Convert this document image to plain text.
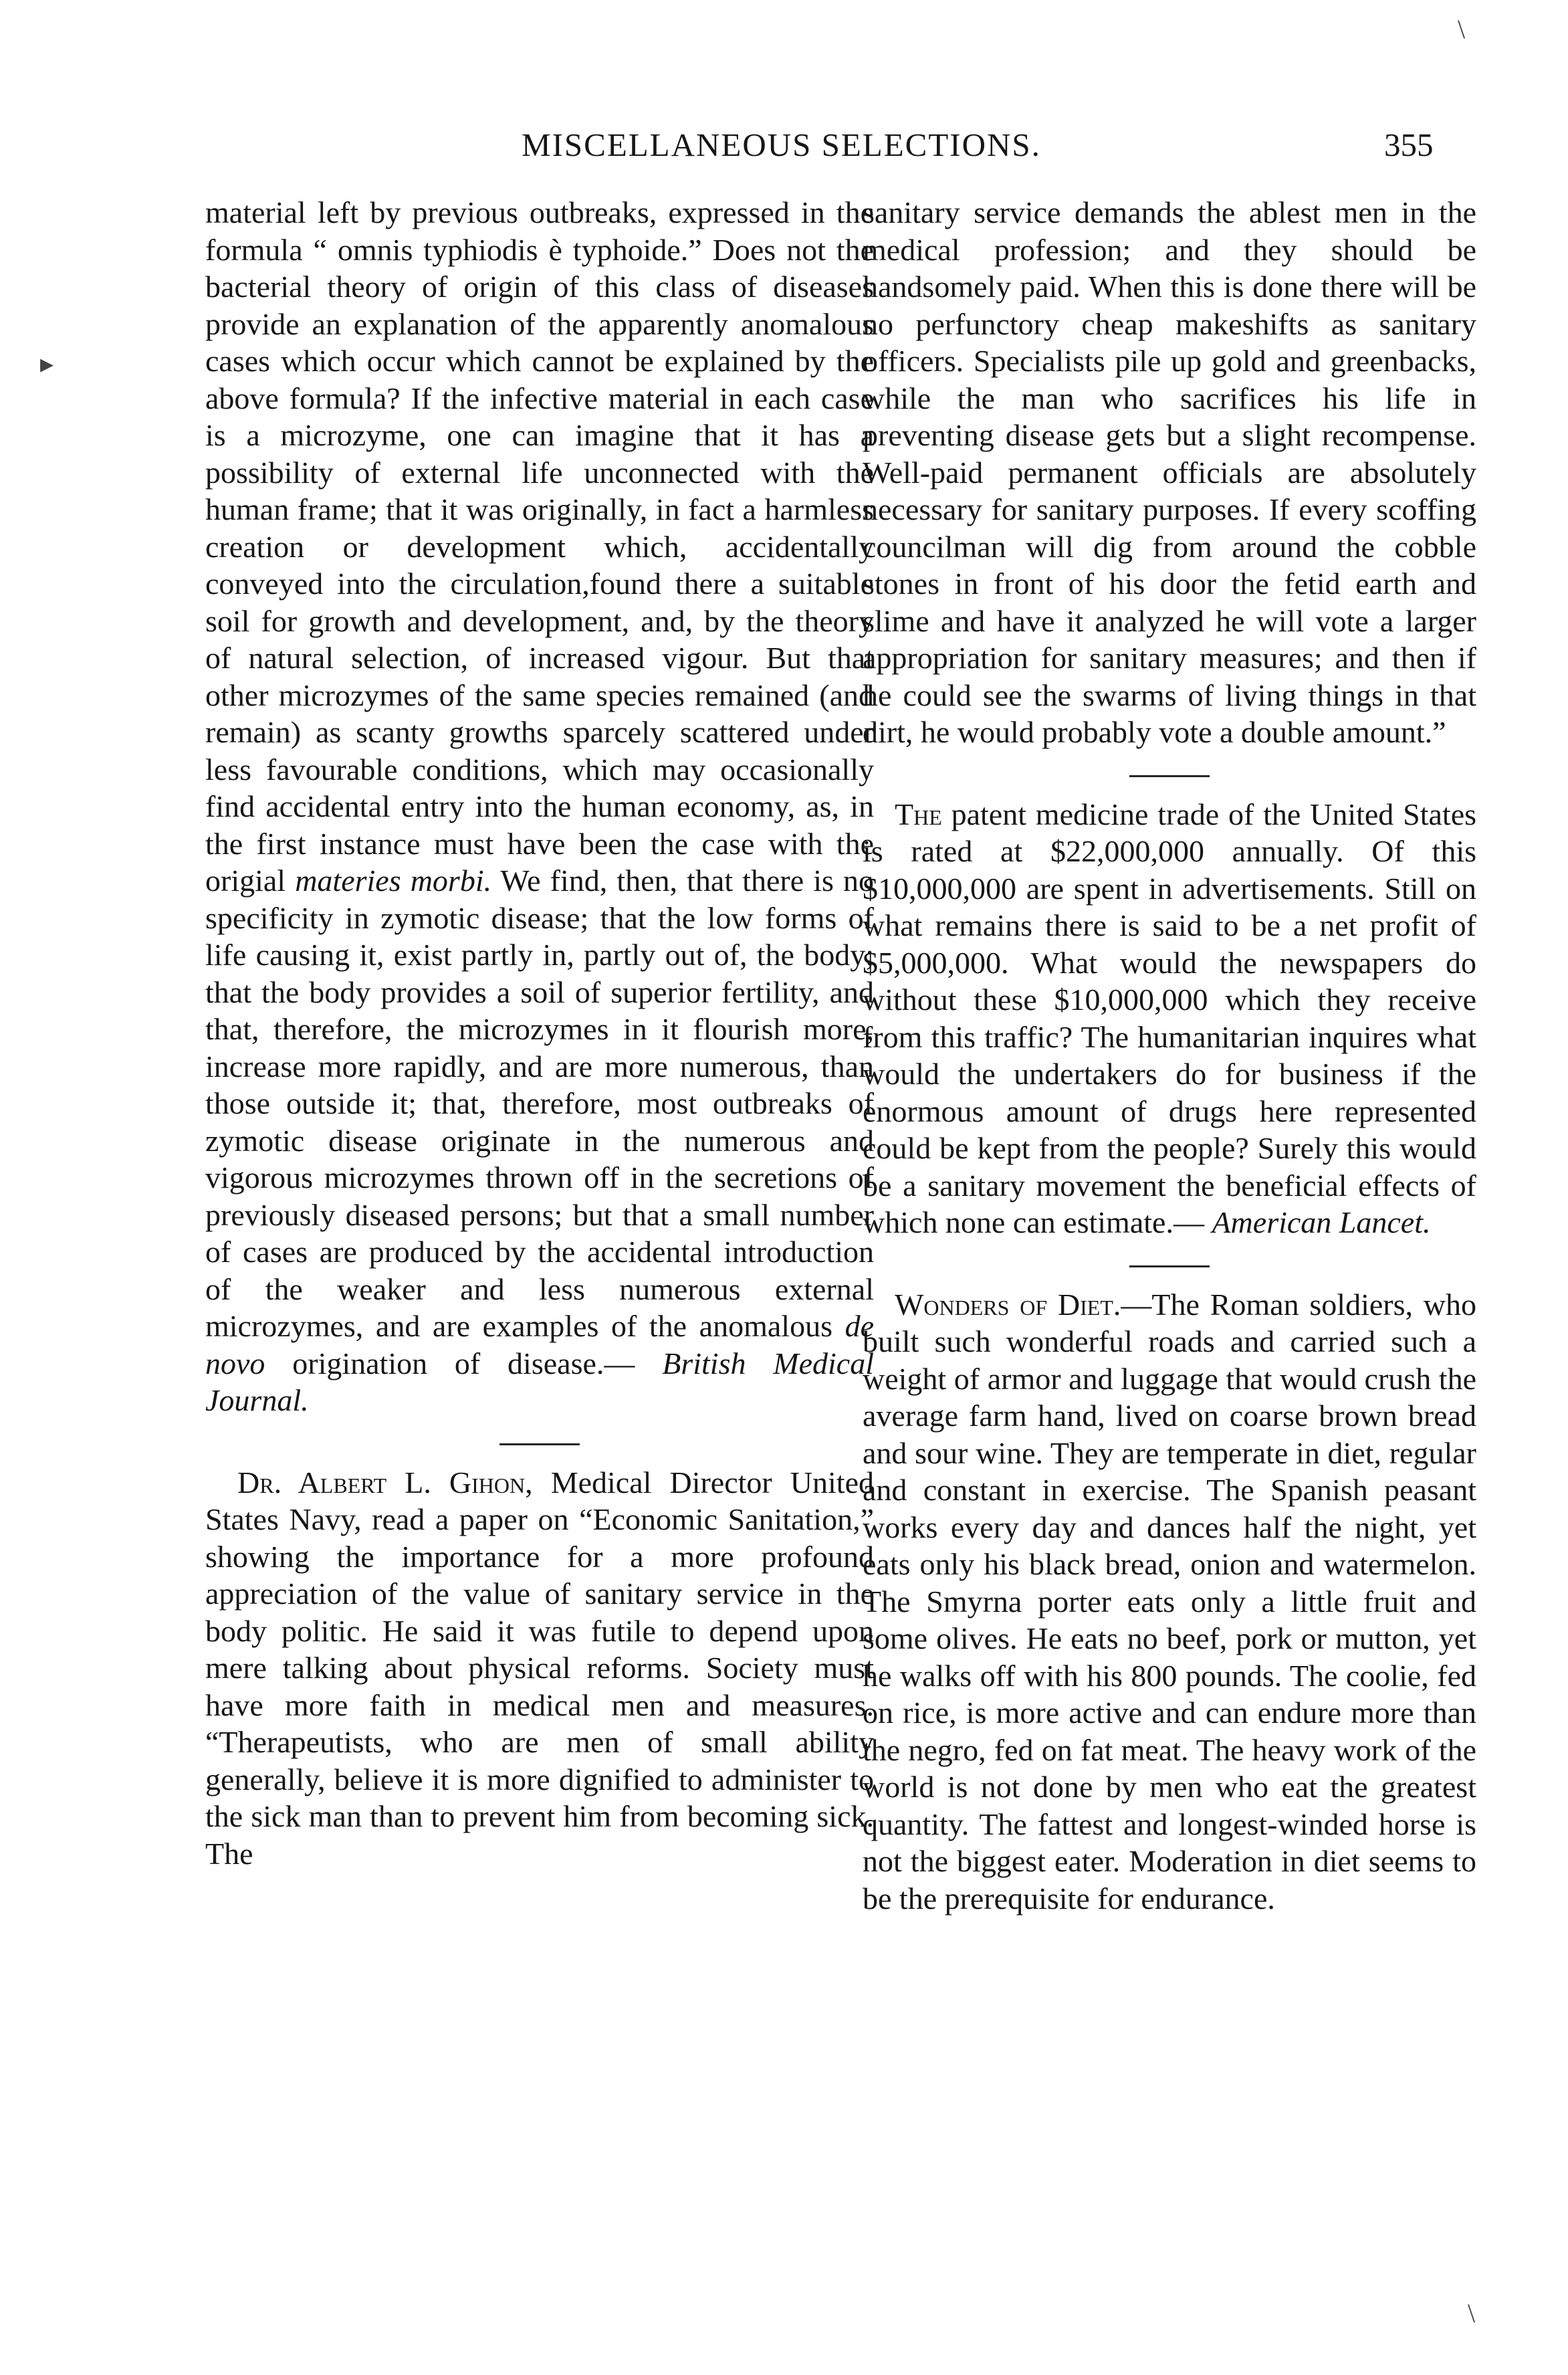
MISCELLANEOUS SELECTIONS.	355
\
▸
\

material left by previous outbreaks, expressed in the formula “ omnis typhiodis è typhoide.” Does not the bacterial theory of origin of this class of diseases provide an explanation of the apparently anomalous cases which occur which cannot be explained by the above formula? If the infective material in each case is a microzyme, one can imagine that it has a possibility of external life unconnected with the human frame; that it was originally, in fact a harmless creation or development which, accidentally conveyed into the circulation,found there a suitable soil for growth and development, and, by the theory of natural selection, of increased vigour. But that other microzymes of the same species remained (and remain) as scanty growths sparcely scattered under less favourable conditions, which may occasionally find accidental entry into the human economy, as, in the first instance must have been the case with the origial materies morbi. We find, then, that there is no specificity in zymotic disease; that the low forms of life causing it, exist partly in, partly out of, the body; that the body provides a soil of superior fertility, and that, therefore, the microzymes in it flourish more, increase more rapidly, and are more numerous, than those outside it; that, therefore, most outbreaks of zymotic disease originate in the numerous and vigorous microzymes thrown off in the secretions of previously diseased persons; but that a small number of cases are produced by the accidental introduction of the weaker and less numerous external microzymes, and are examples of the anomalous de novo origination of disease.— British Medical Journal.

Dr. Albert L. Gihon, Medical Director United States Navy, read a paper on “Economic Sanitation,” showing the importance for a more profound appreciation of the value of sanitary service in the body politic. He said it was futile to depend upon mere talking about physical reforms. Society must have more faith in medical men and measures. “Therapeutists, who are men of small ability generally, believe it is more dignified to administer to the sick man than to prevent him from becoming sick. The

sanitary service demands the ablest men in the medical profession; and they should be handsomely paid. When this is done there will be no perfunctory cheap makeshifts as sanitary officers. Specialists pile up gold and greenbacks, while the man who sacrifices his life in preventing disease gets but a slight recompense. Well-paid permanent officials are absolutely necessary for sanitary purposes. If every scoffing councilman will dig from around the cobble stones in front of his door the fetid earth and slime and have it analyzed he will vote a larger appropriation for sanitary measures; and then if he could see the swarms of living things in that dirt, he would probably vote a double amount.”

The patent medicine trade of the United States is rated at $22,000,000 annually. Of this $10,000,000 are spent in advertisements. Still on what remains there is said to be a net profit of $5,000,000. What would the newspapers do without these $10,000,000 which they receive from this traffic? The humanitarian inquires what would the undertakers do for business if the enormous amount of drugs here represented could be kept from the people? Surely this would be a sanitary movement the beneficial effects of which none can estimate.— American Lancet.

Wonders of Diet.—The Roman soldiers, who built such wonderful roads and carried such a weight of armor and luggage that would crush the average farm hand, lived on coarse brown bread and sour wine. They are temperate in diet, regular and constant in exercise. The Spanish peasant works every day and dances half the night, yet eats only his black bread, onion and watermelon. The Smyrna porter eats only a little fruit and some olives. He eats no beef, pork or mutton, yet he walks off with his 800 pounds. The coolie, fed on rice, is more active and can endure more than the negro, fed on fat meat. The heavy work of the world is not done by men who eat the greatest quantity. The fattest and longest-winded horse is not the biggest eater. Moderation in diet seems to be the prerequisite for endurance.
